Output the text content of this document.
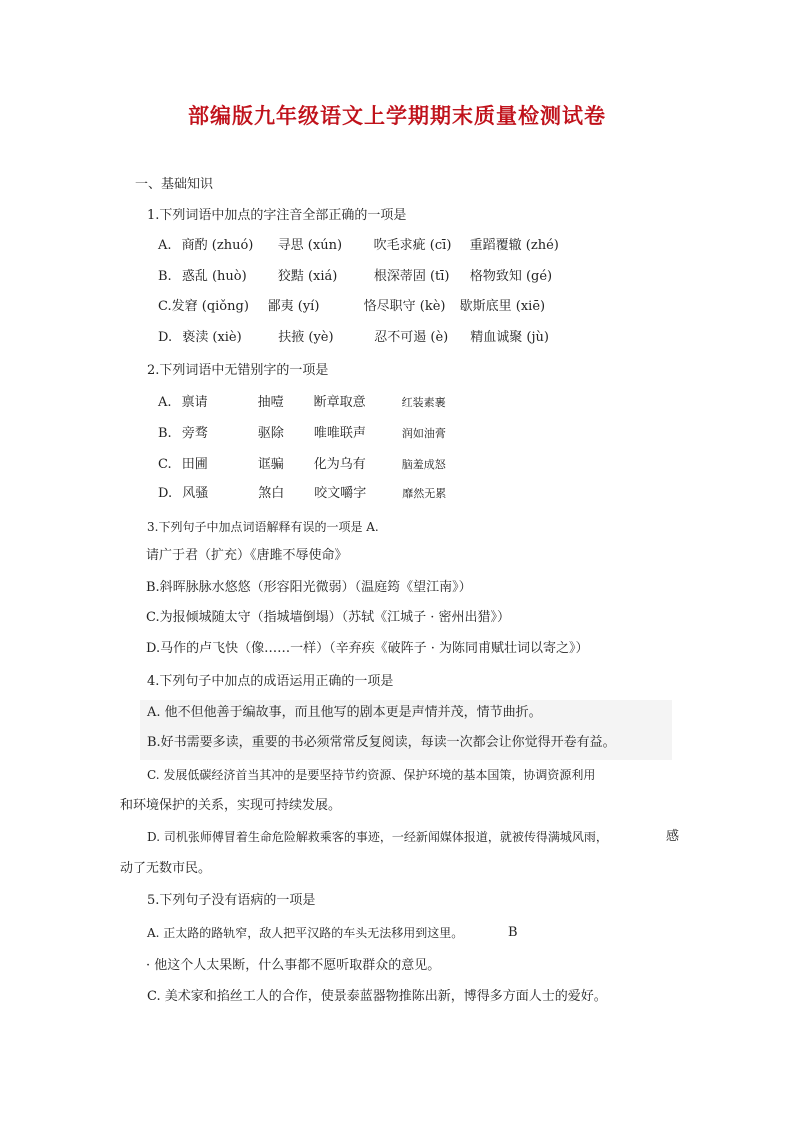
部编版九年级语文上学期期末质量检测试卷
一、基础知识
1.下列词语中加点的字注音全部正确的一项是
A. 商酌 (zhuó) 寻思 (xún) 吹毛求疵 (cī) 重蹈覆辙 (zhé)
B. 惑乱 (huò) 狡黠 (xiá)	根深蒂固 (tī) 格物致知 (gé)
C.发窘 (qiǒng) 鄙夷 (yí)	恪尽职守 (kè) 歇斯底里 (xiē)
D. 亵渎 (xiè)	扶掖 (yè)	忍不可遏 (è) 精血诚聚 (jù)
2.下列词语中无错别字的一项是
A. 禀请	抽噎 断章取意	红装素裹
B. 旁骛	驱除 唯唯联声	润如油膏
C. 田圃	诓骗 化为乌有	脑羞成怒
D. 风骚	煞白 咬文嚼字	靡然无累
3.下列句子中加点词语解释有误的一项是 A.
请广于君（扩充）《唐雎不辱使命》
B.斜晖脉脉水悠悠（形容阳光微弱）（温庭筠《望江南》）
C.为报倾城随太守（指城墙倒塌）（苏轼《江城子 · 密州出猎》）
D.马作的卢飞快（像……一样）（辛弃疾《破阵子 · 为陈同甫赋壮词以寄之》）
4.下列句子中加点的成语运用正确的一项是
A. 他不但他善于编故事，而且他写的剧本更是声情并茂，情节曲折。
B.好书需要多读，重要的书必须常常反复阅读，每读一次都会让你觉得开卷有益。
C. 发展低碳经济首当其冲的是要坚持节约资源、保护环境的基本国策，协调资源利用
和环境保护的关系，实现可持续发展。
D. 司机张师傅冒着生命危险解救乘客的事迹，一经新闻媒体报道，就被传得满城风雨，	感
动了无数市民。
5.下列句子没有语病的一项是
A. 正太路的路轨窄，敌人把平汉路的车头无法移用到这里。	B
· 他这个人太果断，什么事都不愿听取群众的意见。
C. 美术家和掐丝工人的合作，使景泰蓝器物推陈出新，博得多方面人士的爱好。
